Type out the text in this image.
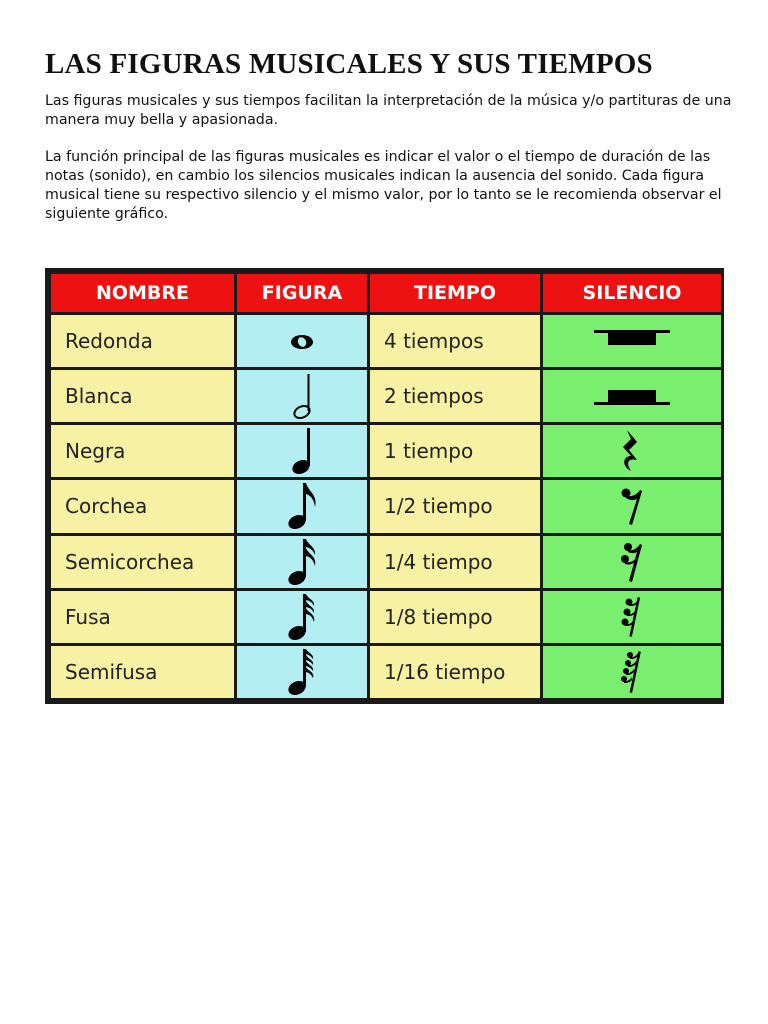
LAS FIGURAS MUSICALES Y SUS TIEMPOS

Las figuras musicales y sus tiempos facilitan la interpretación de la música y/o partituras de una manera muy bella y apasionada.

La función principal de las figuras musicales es indicar el valor o el tiempo de duración de las notas (sonido), en cambio los silencios musicales indican la ausencia del sonido. Cada figura musical tiene su respectivo silencio y el mismo valor, por lo tanto se le recomienda observar el siguiente gráfico.

NOMBRE	FIGURA	TIEMPO	SILENCIO
Redonda		4 tiempos	
Blanca		2 tiempos	
Negra		1 tiempo	
Corchea		1/2 tiempo	
Semicorchea		1/4 tiempo	
Fusa		1/8 tiempo	
Semifusa		1/16 tiempo	
